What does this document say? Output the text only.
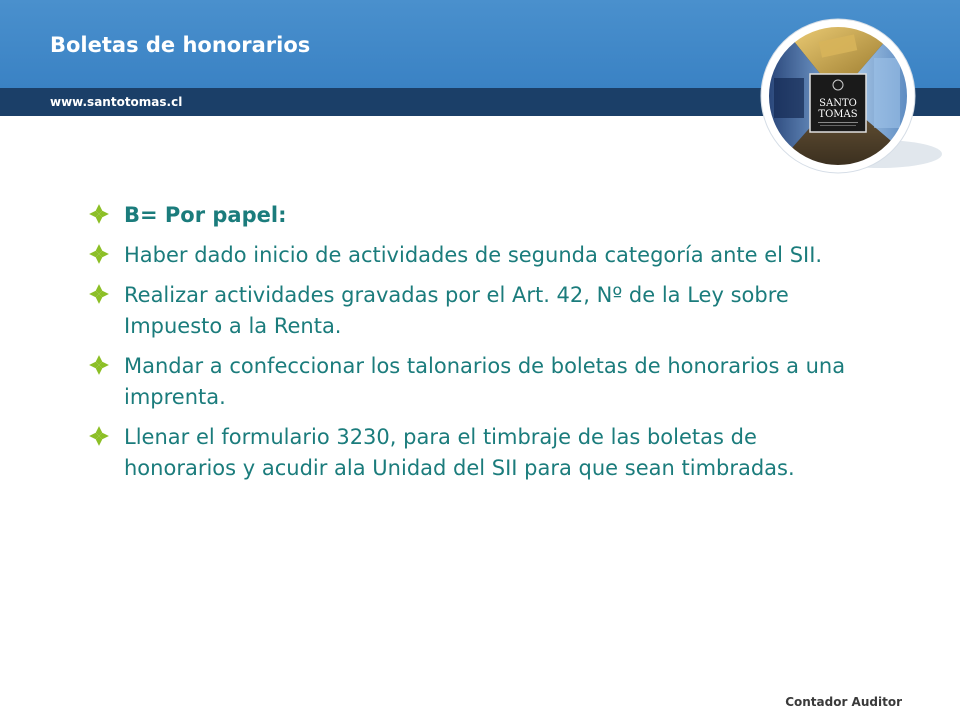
Boletas de honorarios
www.santotomas.cl	SANTO
TOMAS
B= Por papel:
Haber dado inicio de actividades de segunda categoría ante el SII.
Realizar actividades gravadas por el Art. 42, Nº de la Ley sobre Impuesto a la Renta.
Mandar a confeccionar los talonarios de boletas de honorarios a una imprenta.
Llenar el formulario 3230, para el timbraje de las boletas de honorarios y acudir ala Unidad del SII para que sean timbradas.
Contador Auditor
